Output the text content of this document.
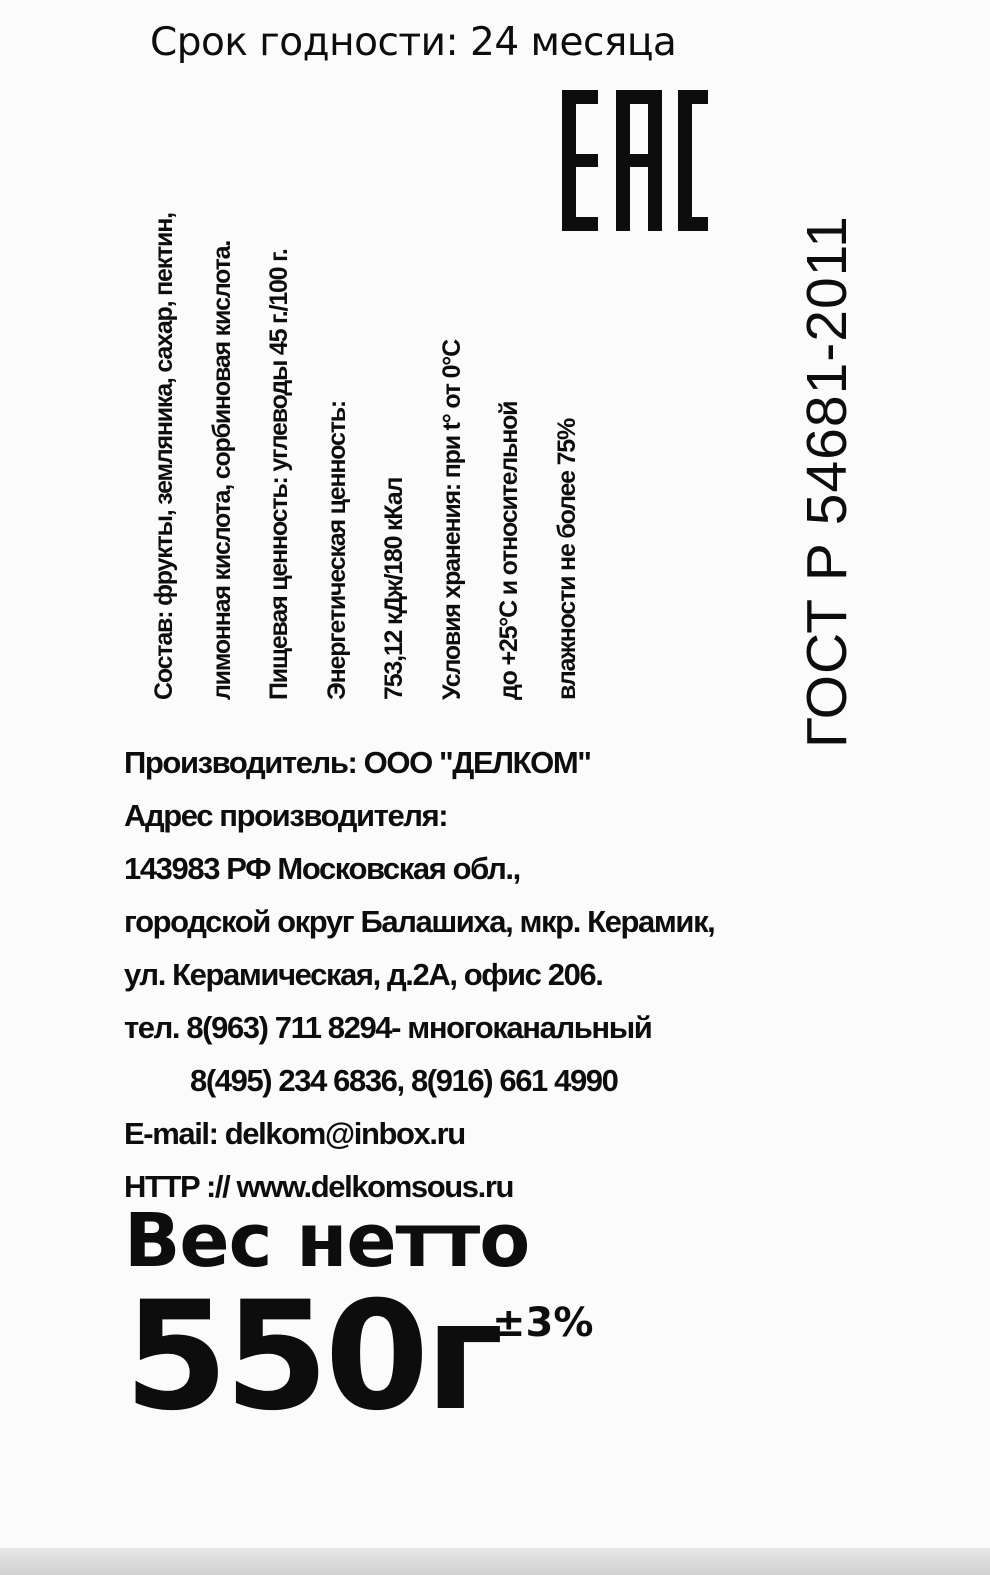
Срок годности: 24 месяца
ГОСТ Р 54681-2011
Состав: фрукты, земляника, сахар, пектин,	лимонная кислота, сорбиновая кислота.	Пищевая ценность: углеводы 45 г./100 г.	Энергетическая ценность:	753,12 кДж/180 кКал	Условия хранения: при t° от 0°С	до +25°С и относительной	влажности не более 75%
Производитель: ООО "ДЕЛКОМ"
Адрес производителя:
143983 РФ Московская обл.,
городской округ Балашиха, мкр. Керамик,
ул. Керамическая, д.2А, офис 206.
тел. 8(963) 711 8294- многоканальный
8(495) 234 6836, 8(916) 661 4990
E-mail: delkom@inbox.ru
HTTP :// www.delkomsous.ru
Вес нетто
550г
±3%
